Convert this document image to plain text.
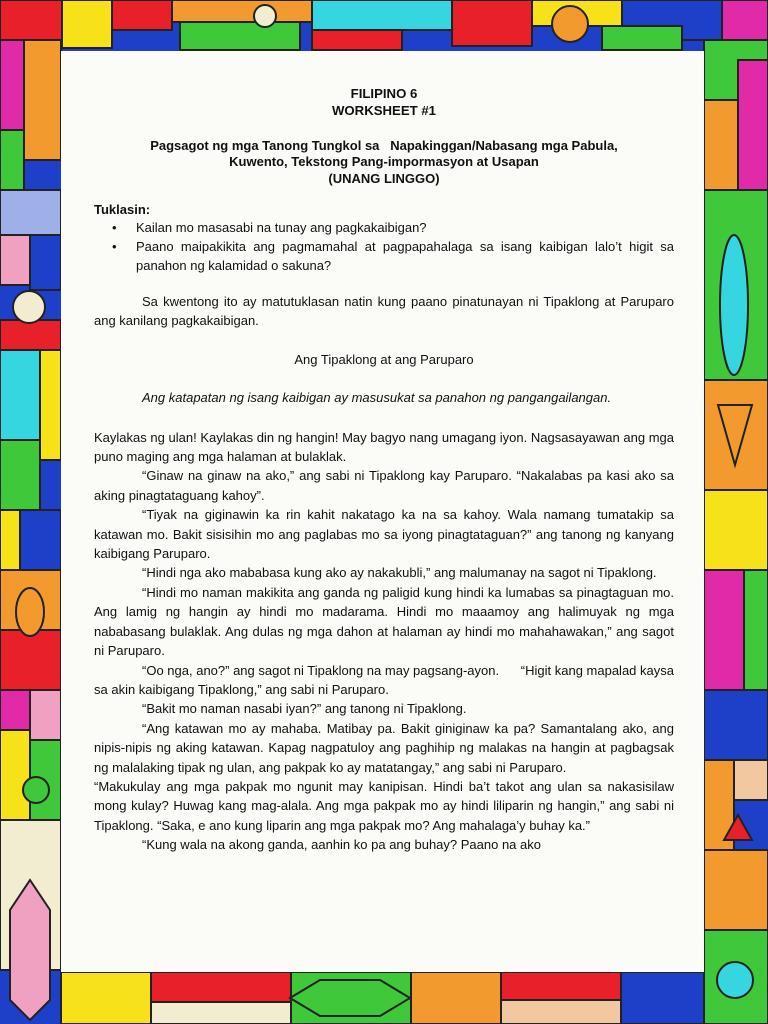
FILIPINO 6
WORKSHEET #1
Pagsagot ng mga Tanong Tungkol sa   Napakinggan/Nabasang mga Pabula,
Kuwento, Tekstong Pang-impormasyon at Usapan
(UNANG LINGGO)
Tuklasin:
• Kailan mo masasabi na tunay ang pagkakaibigan?
• Paano maipakikita ang pagmamahal at pagpapahalaga sa isang kaibigan lalo’t higit sa panahon ng kalamidad o sakuna?

Sa kwentong ito ay matutuklasan natin kung paano pinatunayan ni Tipaklong at Paruparo ang kanilang pagkakaibigan.

Ang Tipaklong at ang Paruparo

Ang katapatan ng isang kaibigan ay masusukat sa panahon ng pangangailangan.

Kaylakas ng ulan! Kaylakas din ng hangin! May bagyo nang umagang iyon. Nagsasayawan ang mga puno maging ang mga halaman at bulaklak.

“Ginaw na ginaw na ako,” ang sabi ni Tipaklong kay Paruparo. “Nakalabas pa kasi ako sa aking pinagtataguang kahoy”.

“Tiyak na giginawin ka rin kahit nakatago ka na sa kahoy. Wala namang tumatakip sa katawan mo. Bakit sisisihin mo ang paglabas mo sa iyong pinagtataguan?” ang tanong ng kanyang kaibigang Paruparo.

“Hindi nga ako mababasa kung ako ay nakakubli,” ang malumanay na sagot ni Tipaklong.

“Hindi mo naman makikita ang ganda ng paligid kung hindi ka lumabas sa pinagtaguan mo. Ang lamig ng hangin ay hindi mo madarama. Hindi mo maaamoy ang halimuyak ng mga nababasang bulaklak. Ang dulas ng mga dahon at halaman ay hindi mo mahahawakan,” ang sagot ni Paruparo.

“Oo nga, ano?” ang sagot ni Tipaklong na may pagsang-ayon.      “Higit kang mapalad kaysa sa akin kaibigang Tipaklong,” ang sabi ni Paruparo.

“Bakit mo naman nasabi iyan?” ang tanong ni Tipaklong.

“Ang katawan mo ay mahaba. Matibay pa. Bakit giniginaw ka pa? Samantalang ako, ang nipis-nipis ng aking katawan. Kapag nagpatuloy ang paghihip ng malakas na hangin at pagbagsak ng malalaking tipak ng ulan, ang pakpak ko ay matatangay,” ang sabi ni Paruparo.

“Makukulay ang mga pakpak mo ngunit may kanipisan. Hindi ba’t takot ang ulan sa nakasisilaw mong kulay? Huwag kang mag-alala. Ang mga pakpak mo ay hindi liliparin ng hangin,” ang sabi ni Tipaklong. “Saka, e ano kung liparin ang mga pakpak mo? Ang mahalaga’y buhay ka.”

“Kung wala na akong ganda, aanhin ko pa ang buhay? Paano na ako
